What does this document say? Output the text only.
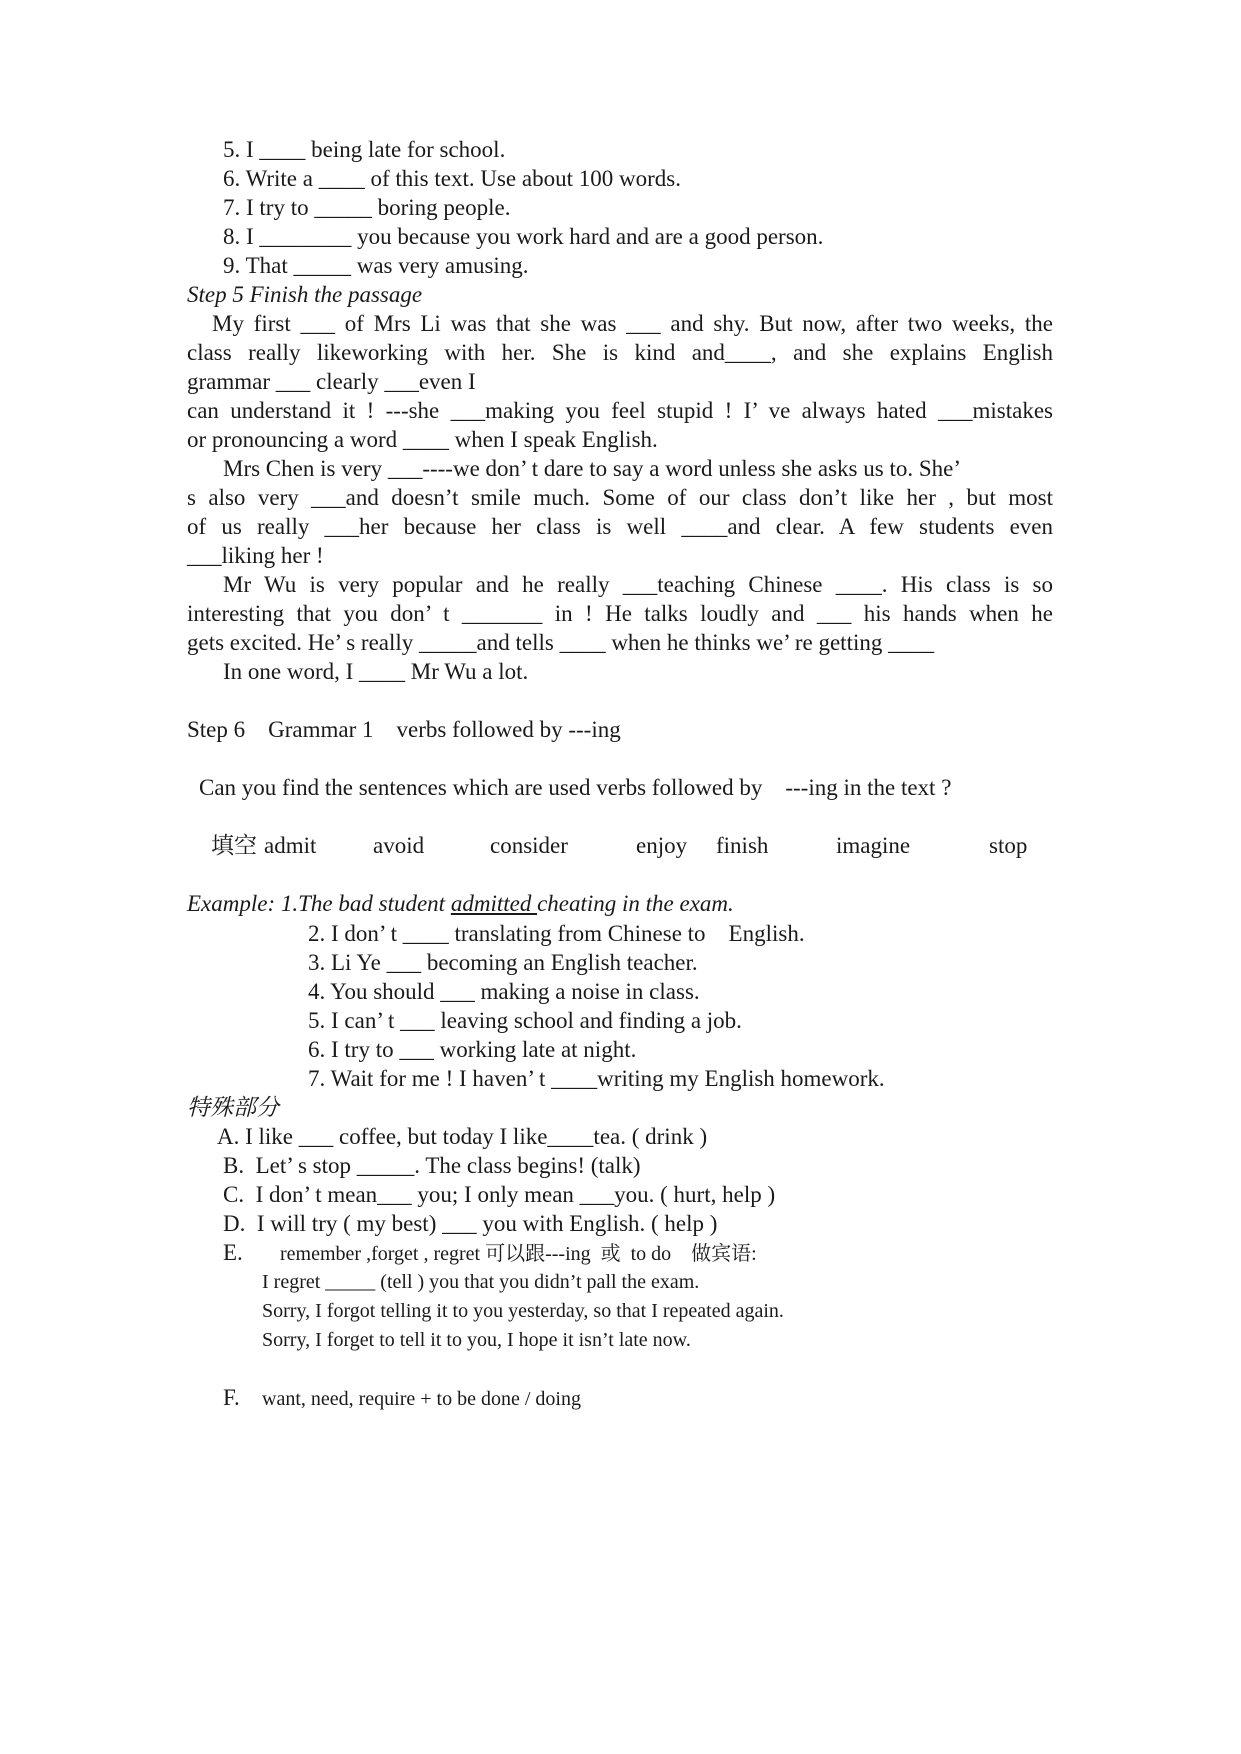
5. I ____ being late for school.
6. Write a ____ of this text. Use about 100 words.
7. I try to _____ boring people.
8. I ________ you because you work hard and are a good person.
9. That _____ was very amusing.
Step 5 Finish the passage
My first ___ of Mrs Li was that she was ___ and shy. But now, after two weeks, the
class really likeworking with her. She is kind and____, and she explains English
grammar ___ clearly ___even I
can understand it ! ---she ___making you feel stupid ! I’ ve always hated ___mistakes
or pronouncing a word ____ when I speak English.
Mrs Chen is very ___----we don’ t dare to say a word unless she asks us to. She’
s also very ___and doesn’t smile much. Some of our class don’t like her , but most
of us really ___her because her class is well ____and clear. A few students even
___liking her !
Mr Wu is very popular and he really ___teaching Chinese ____. His class is so
interesting that you don’ t _______ in ! He talks loudly and ___ his hands when he
gets excited. He’ s really _____and tells ____ when he thinks we’ re getting ____
In one word, I ____ Mr Wu a lot.
Step 6    Grammar 1    verbs followed by ---ing
Can you find the sentences which are used verbs followed by    ---ing in the text ?
填空 admit avoid	consider	enjoy finish	imagine	stop
Example: 1.The bad student admitted cheating in the exam.
2. I don’ t ____ translating from Chinese to    English.
3. Li Ye ___ becoming an English teacher.
4. You should ___ making a noise in class.
5. I can’ t ___ leaving school and finding a job.
6. I try to ___ working late at night.
7. Wait for me ! I haven’ t ____writing my English homework.
特殊部分
A. I like ___ coffee, but today I like____tea. ( drink )
B.  Let’ s stop _____. The class begins! (talk)
C.  I don’ t mean___ you; I only mean ___you. ( hurt, help )
D.  I will try ( my best) ___ you with English. ( help )
E. remember ,forget , regret 可以跟---ing  或  to do    做宾语:
I regret _____ (tell ) you that you didn’t pall the exam.
Sorry, I forgot telling it to you yesterday, so that I repeated again.
Sorry, I forget to tell it to you, I hope it isn’t late now.
F. want, need, require + to be done / doing
